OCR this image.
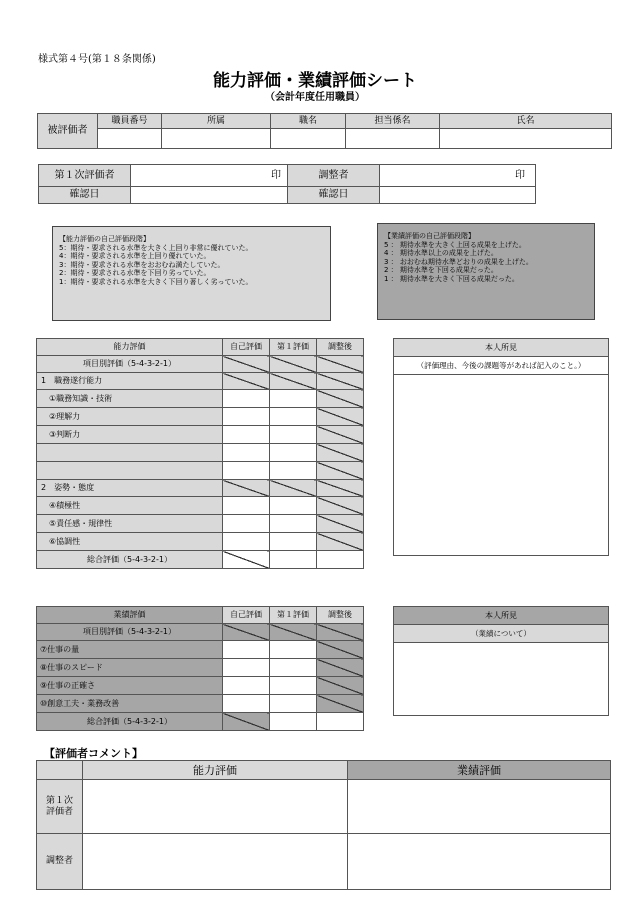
様式第４号(第１８条関係)
能力評価・業績評価シート
（会計年度任用職員）
被評価者	職員番号	所属	職名	担当係名	氏名

第１次評価者	印	調整者	印
確認日		確認日	
【能力評価の自己評価段階】
5：期待・要求される水準を大きく上回り非常に優れていた。
4：期待・要求される水準を上回り優れていた。
3：期待・要求される水準をおおむね満たしていた。
2：期待・要求される水準を下回り劣っていた。
1：期待・要求される水準を大きく下回り著しく劣っていた。
【業績評価の自己評価段階】
5 ： 期待水準を大きく上回る成果を上げた。
4 ： 期待水準以上の成果を上げた。
3 ： おおむね期待水準どおりの成果を上げた。
2 ： 期待水準を下回る成果だった。
1 ： 期待水準を大きく下回る成果だった。
能力評価	自己評価	第１評価	調整後
項目別評価（5-4-3-2-1）			
1　職務遂行能力			
①職務知識・技術			
②理解力			
③判断力			

2　姿勢・態度			
④積極性			
⑤責任感・規律性			
⑥協調性			
総合評価（5-4-3-2-1）			
本人所見
（評価理由、今後の課題等があれば記入のこと。）
業績評価	自己評価	第１評価	調整後
項目別評価（5-4-3-2-1）			
⑦仕事の量			
⑧仕事のスピード			
⑨仕事の正確さ			
⑩創意工夫・業務改善			
総合評価（5-4-3-2-1）			
本人所見
（業績について）
【評価者コメント】
	能力評価	業績評価
第１次
評価者		
調整者		
